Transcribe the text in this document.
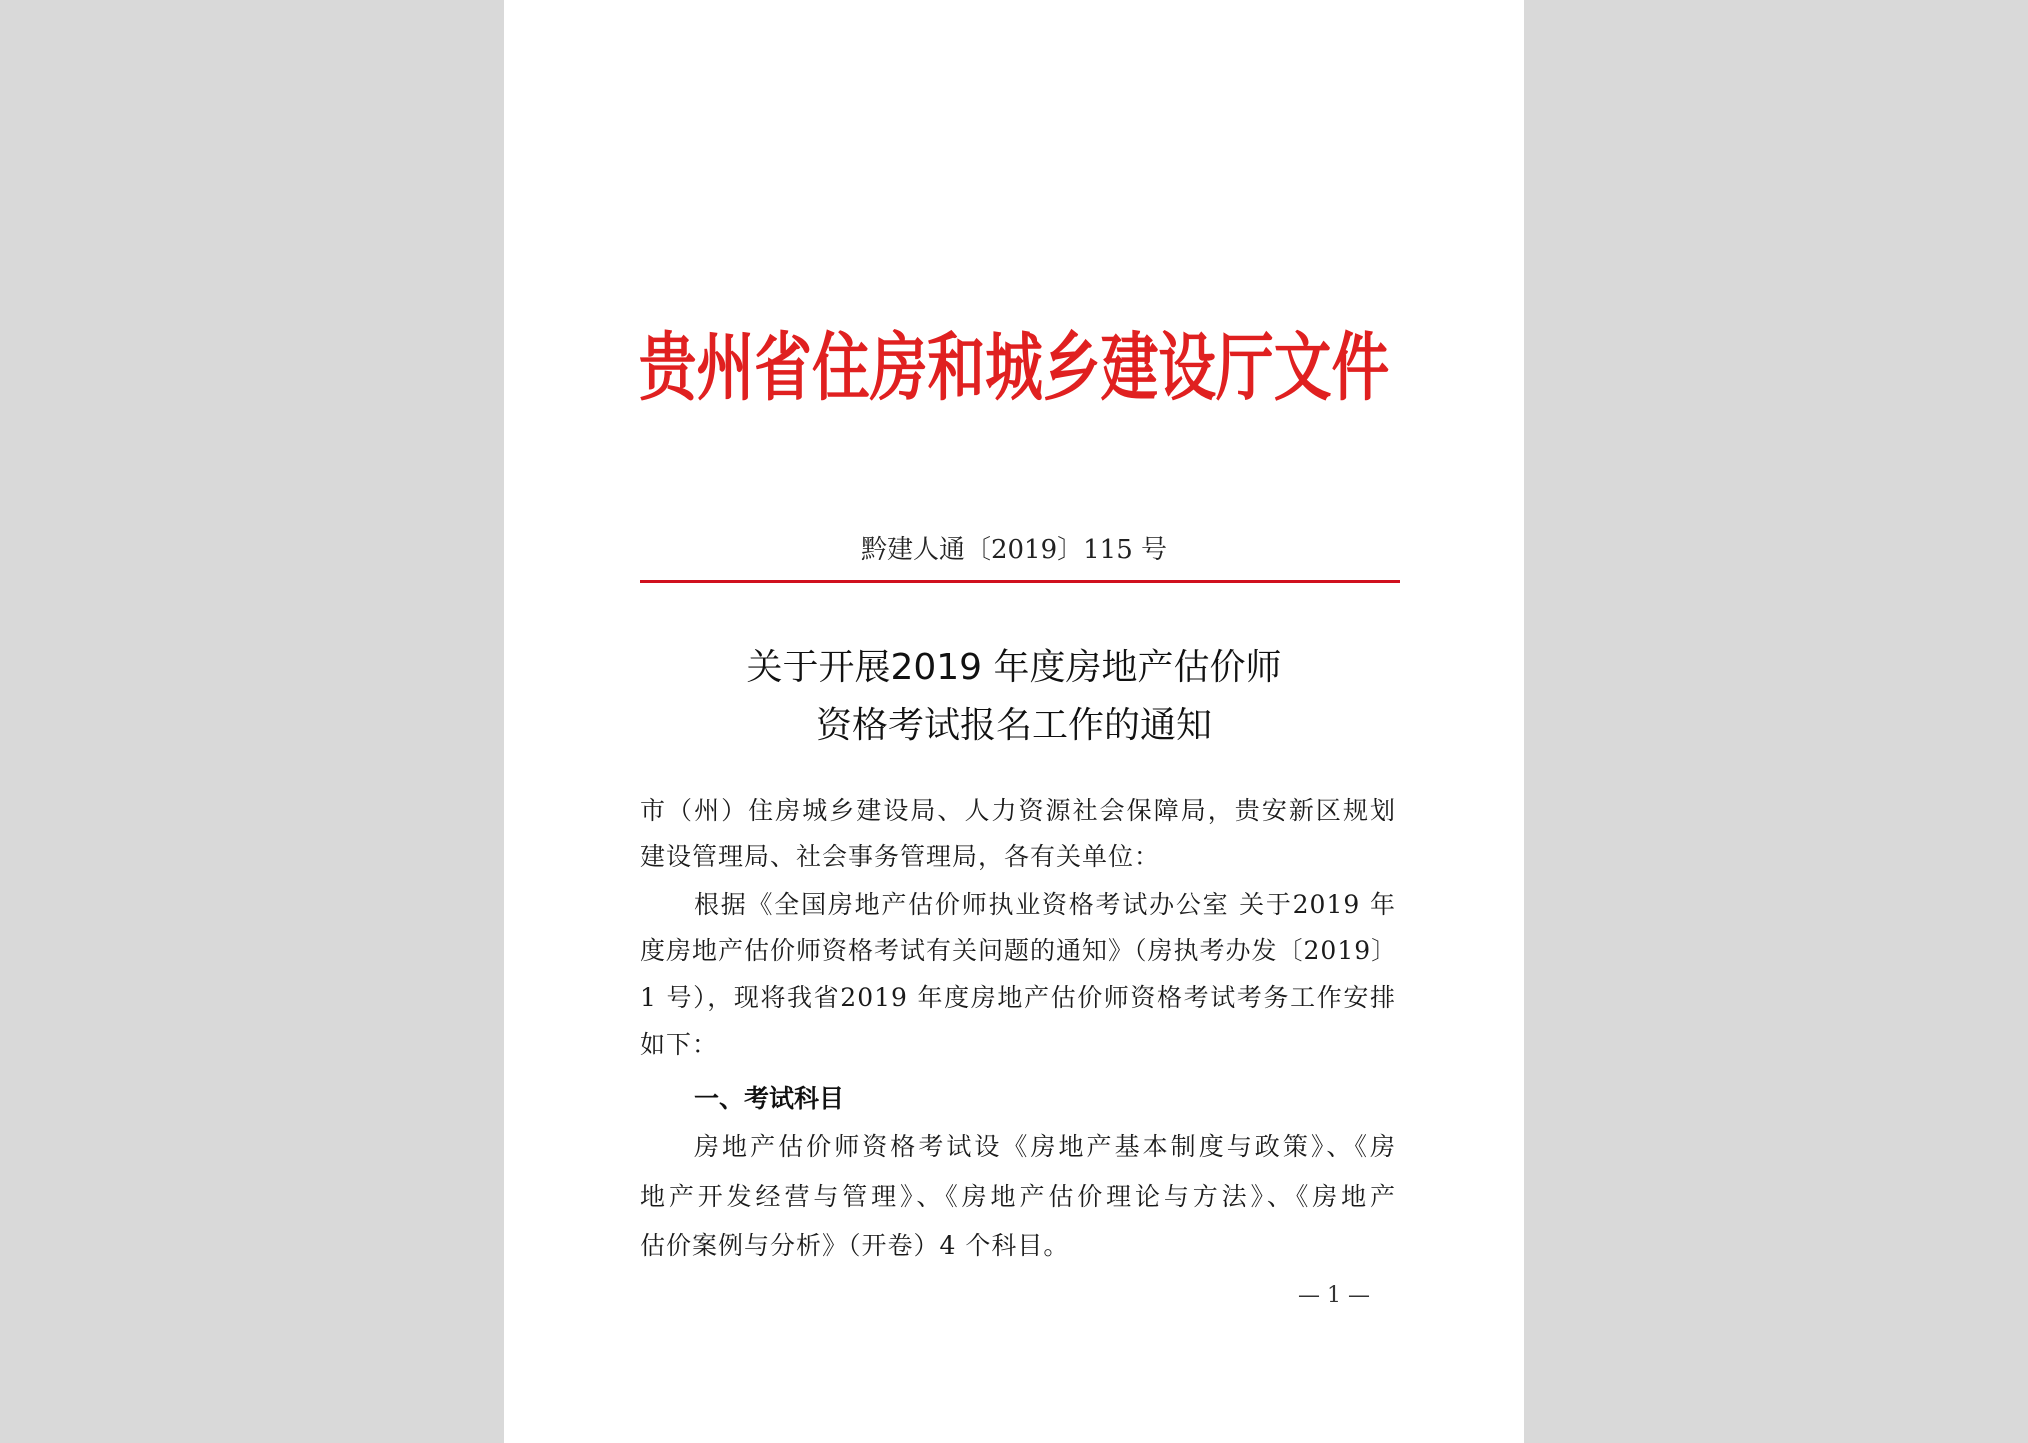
贵州省住房和城乡建设厅文件
黔建人通〔2019〕115 号
关于开展2019 年度房地产估价师
资格考试报名工作的通知
市（州）住房城乡建设局、人力资源社会保障局，贵安新区规划
建设管理局、社会事务管理局，各有关单位：
根据《全国房地产估价师执业资格考试办公室 关于2019 年
度房地产估价师资格考试有关问题的通知》（房执考办发〔2019〕
1 号），现将我省2019 年度房地产估价师资格考试考务工作安排
如下：
一、考试科目
房地产估价师资格考试设《房地产基本制度与政策》、《房
地产开发经营与管理》、《房地产估价理论与方法》、《房地产
估价案例与分析》（开卷）4 个科目。
— 1 —
